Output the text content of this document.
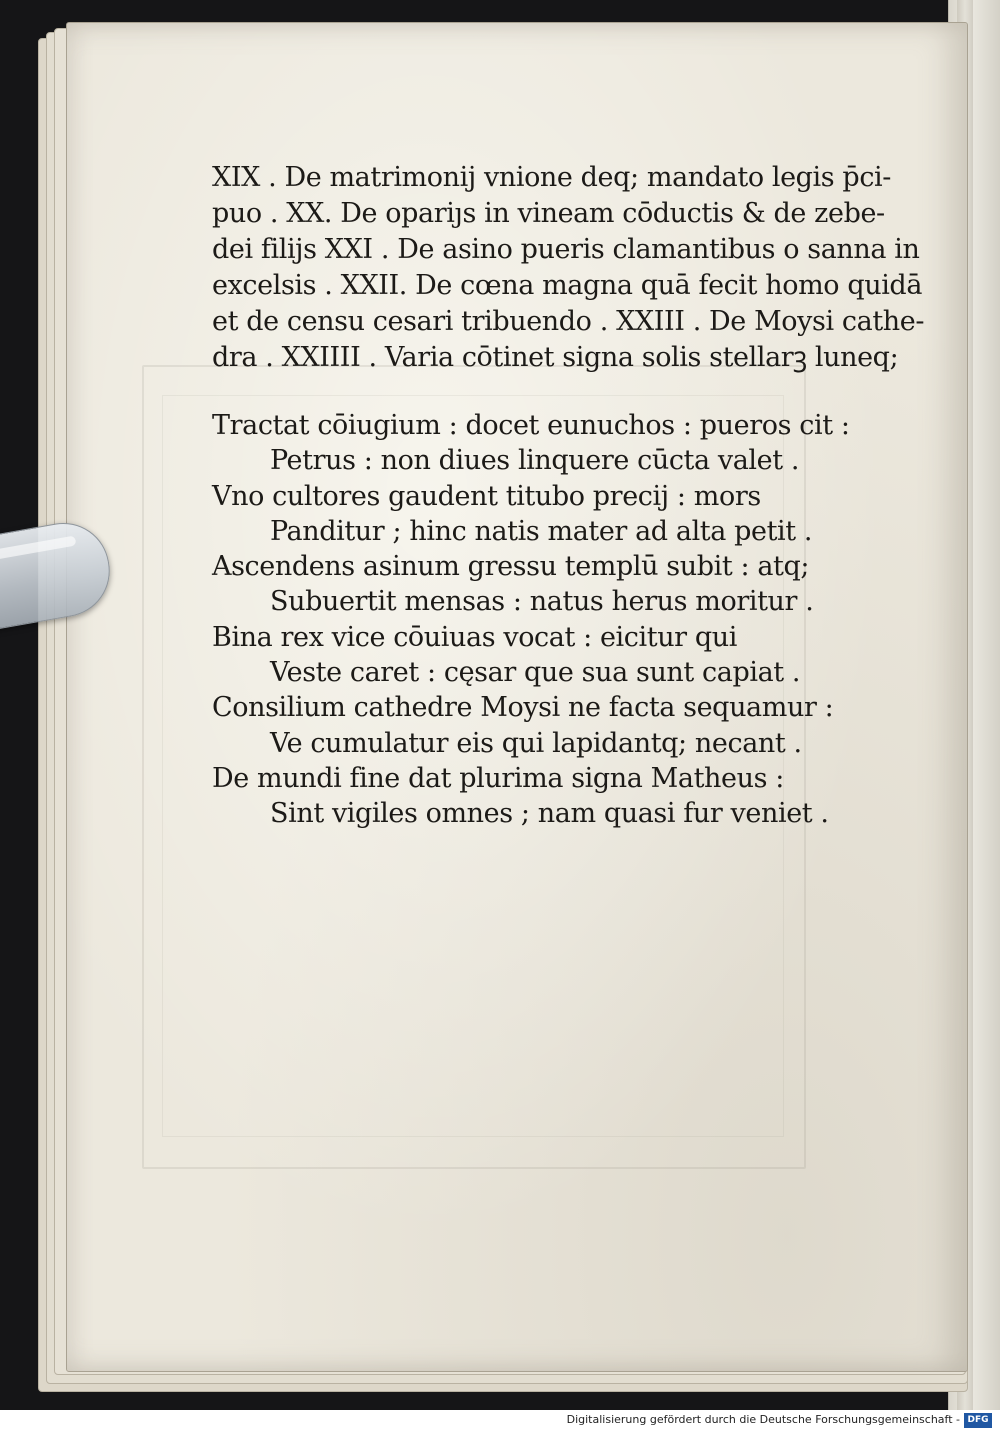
XIX . De matrimonij vnione deq; mandato legis p̄ci-

puo . XX. De opariȷs in vineam cōductis & de zebe-

dei filijs XXI . De asino pueris clamantibus o sanna in

excelsis . XXII. De cœna magna quā fecit homo quidā

et de censu cesari tribuendo . XXIII . De Moysi cathe-

dra . XXIIII . Varia cōtinet signa solis stellarꝫ luneq;

Tractat cōiugium : docet eunuchos : pueros cit :

Petrus : non diues linquere cūcta valet .

Vno cultores gaudent titubo precij : mors

Panditur ; hinc natis mater ad alta petit .

Ascendens asinum gressu templū subit : atq;

Subuertit mensas : natus herus moritur .

Bina rex vice cōuiuas vocat : eicitur qui

Veste caret : cęsar que sua sunt capiat .

Consilium cathedre Moysi ne facta sequamur :

Ve cumulatur eis qui lapidantq; necant .

De mundi fine dat plurima signa Matheus :

Sint vigiles omnes ; nam quasi fur veniet .

Digitalisierung gefördert durch die Deutsche Forschungsgemeinschaft - DFG
